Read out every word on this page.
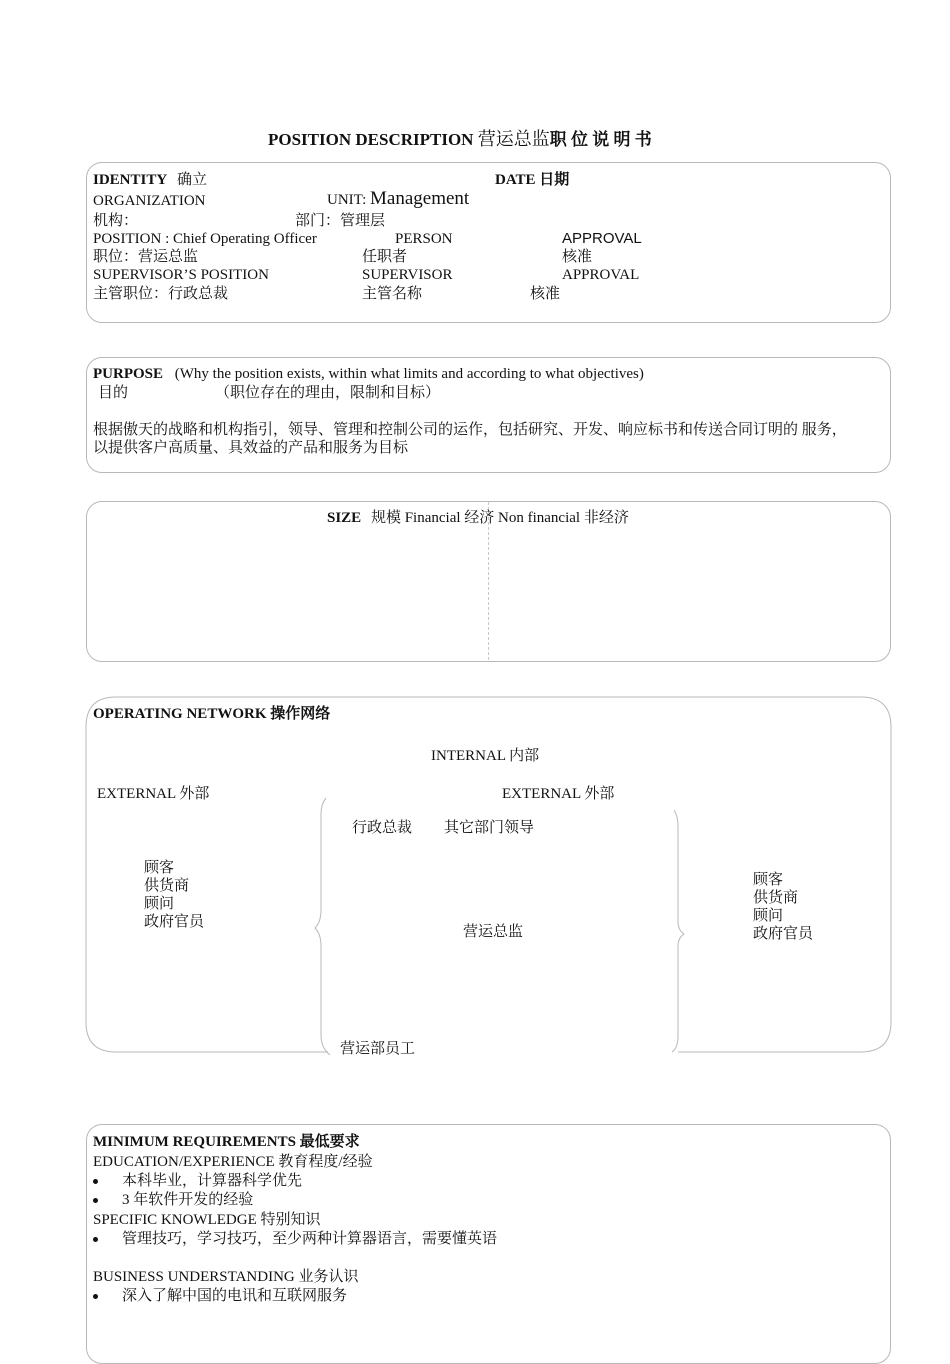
POSITION DESCRIPTION 营运总监职 位 说 明 书
IDENTITY 确立	DATE 日期
ORGANIZATION	UNIT: Management
机构：	部门：管理层
POSITION : Chief Operating Officer	PERSON	APPROVAL
职位：营运总监	任职者	核准
SUPERVISOR’S POSITION	SUPERVISOR	APPROVAL
主管职位：行政总裁	主管名称	核准
PURPOSE (Why the position exists, within what limits and according to what objectives)
目的	（职位存在的理由，限制和目标）
根据傲天的战略和机构指引，领导、管理和控制公司的运作，包括研究、开发、响应标书和传送合同订明的 服务，
以提供客户高质量、具效益的产品和服务为目标
SIZE 规模 Financial 经济 Non financial 非经济
OPERATING NETWORK 操作网络
INTERNAL 内部
EXTERNAL 外部	EXTERNAL 外部
行政总裁 其它部门领导
营运总监
营运部员工
顾客
供货商
顾问
政府官员
顾客
供货商
顾问
政府官员
MINIMUM REQUIREMENTS 最低要求
EDUCATION/EXPERIENCE 教育程度/经验
本科毕业，计算器科学优先
3 年软件开发的经验
SPECIFIC KNOWLEDGE 特别知识
管理技巧，学习技巧，至少两种计算器语言，需要懂英语
BUSINESS UNDERSTANDING 业务认识
深入了解中国的电讯和互联网服务
